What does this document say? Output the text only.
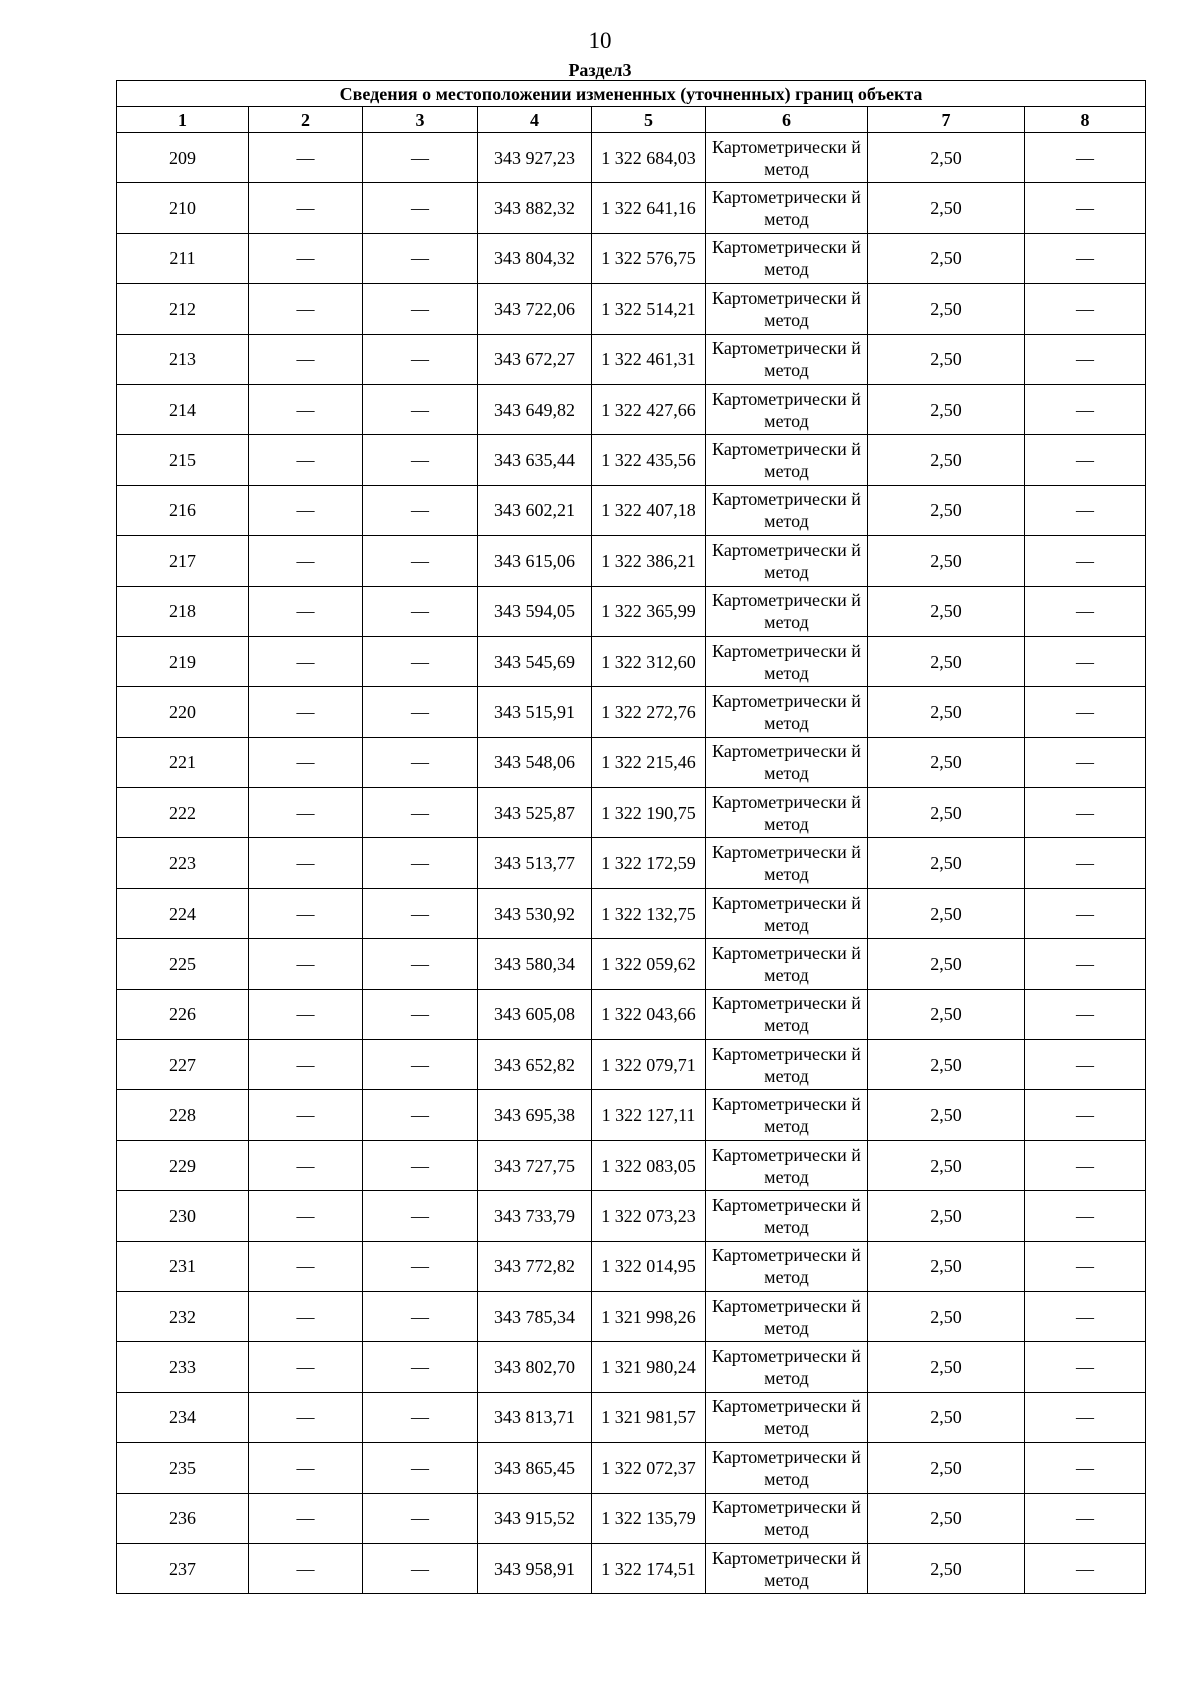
10
Раздел3
Сведения о местоположении измененных (уточненных) границ объекта							
1	2	3	4	5	6	7	8
209	—	—	343 927,23	1 322 684,03	Картометрически й метод	2,50	—
210	—	—	343 882,32	1 322 641,16	Картометрически й метод	2,50	—
211	—	—	343 804,32	1 322 576,75	Картометрически й метод	2,50	—
212	—	—	343 722,06	1 322 514,21	Картометрически й метод	2,50	—
213	—	—	343 672,27	1 322 461,31	Картометрически й метод	2,50	—
214	—	—	343 649,82	1 322 427,66	Картометрически й метод	2,50	—
215	—	—	343 635,44	1 322 435,56	Картометрически й метод	2,50	—
216	—	—	343 602,21	1 322 407,18	Картометрически й метод	2,50	—
217	—	—	343 615,06	1 322 386,21	Картометрически й метод	2,50	—
218	—	—	343 594,05	1 322 365,99	Картометрически й метод	2,50	—
219	—	—	343 545,69	1 322 312,60	Картометрически й метод	2,50	—
220	—	—	343 515,91	1 322 272,76	Картометрически й метод	2,50	—
221	—	—	343 548,06	1 322 215,46	Картометрически й метод	2,50	—
222	—	—	343 525,87	1 322 190,75	Картометрически й метод	2,50	—
223	—	—	343 513,77	1 322 172,59	Картометрически й метод	2,50	—
224	—	—	343 530,92	1 322 132,75	Картометрически й метод	2,50	—
225	—	—	343 580,34	1 322 059,62	Картометрически й метод	2,50	—
226	—	—	343 605,08	1 322 043,66	Картометрически й метод	2,50	—
227	—	—	343 652,82	1 322 079,71	Картометрически й метод	2,50	—
228	—	—	343 695,38	1 322 127,11	Картометрически й метод	2,50	—
229	—	—	343 727,75	1 322 083,05	Картометрически й метод	2,50	—
230	—	—	343 733,79	1 322 073,23	Картометрически й метод	2,50	—
231	—	—	343 772,82	1 322 014,95	Картометрически й метод	2,50	—
232	—	—	343 785,34	1 321 998,26	Картометрически й метод	2,50	—
233	—	—	343 802,70	1 321 980,24	Картометрически й метод	2,50	—
234	—	—	343 813,71	1 321 981,57	Картометрически й метод	2,50	—
235	—	—	343 865,45	1 322 072,37	Картометрически й метод	2,50	—
236	—	—	343 915,52	1 322 135,79	Картометрически й метод	2,50	—
237	—	—	343 958,91	1 322 174,51	Картометрически й метод	2,50	—
